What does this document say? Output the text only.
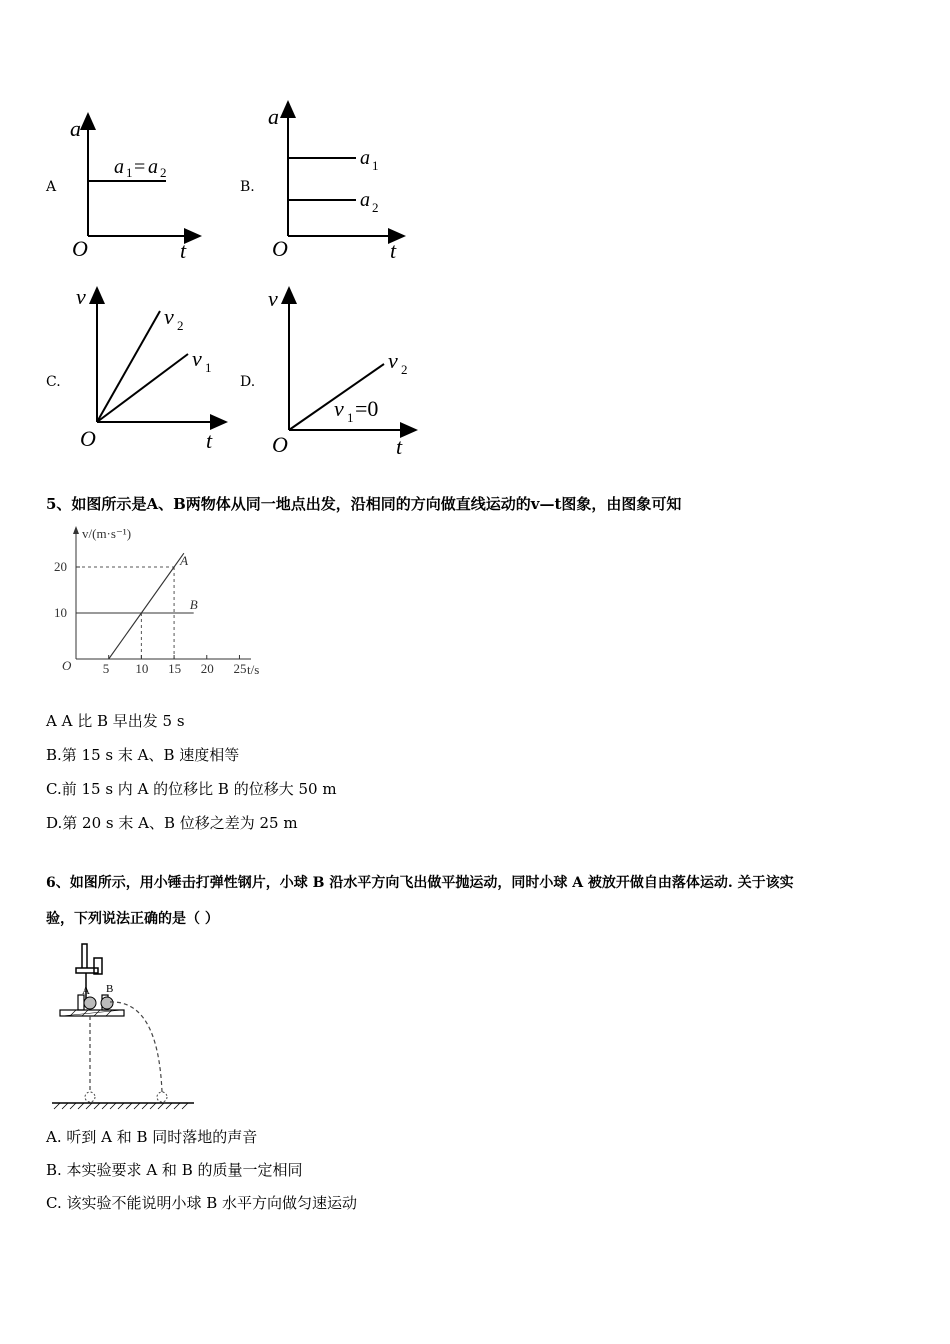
A
a
O	t
a 1 = a 2
B.
a
O	t
a 1
a 2
C.
v
O	t
v 2
v 1
D.
v
O	t
v 2
v 1 =0
5、如图所示是A、B两物体从同一地点出发，沿相同的方向做直线运动的v—t图象，由图象可知
A
B
5 10 15 20 25
10
20
v/(m·s⁻¹)
t/s
O
A A 比 B 早出发 5 s
B.第 15 s 末 A、B 速度相等
C.前 15 s 内 A 的位移比 B 的位移大 50 m
D.第 20 s 末 A、B 位移之差为 25 m
6、如图所示，用小锤击打弹性钢片，小球 B 沿水平方向飞出做平抛运动，同时小球 A 被放开做自由落体运动. 关于该实
验，下列说法正确的是（ ）
A B
A. 听到 A 和 B 同时落地的声音
B. 本实验要求 A 和 B 的质量一定相同
C. 该实验不能说明小球 B 水平方向做匀速运动
